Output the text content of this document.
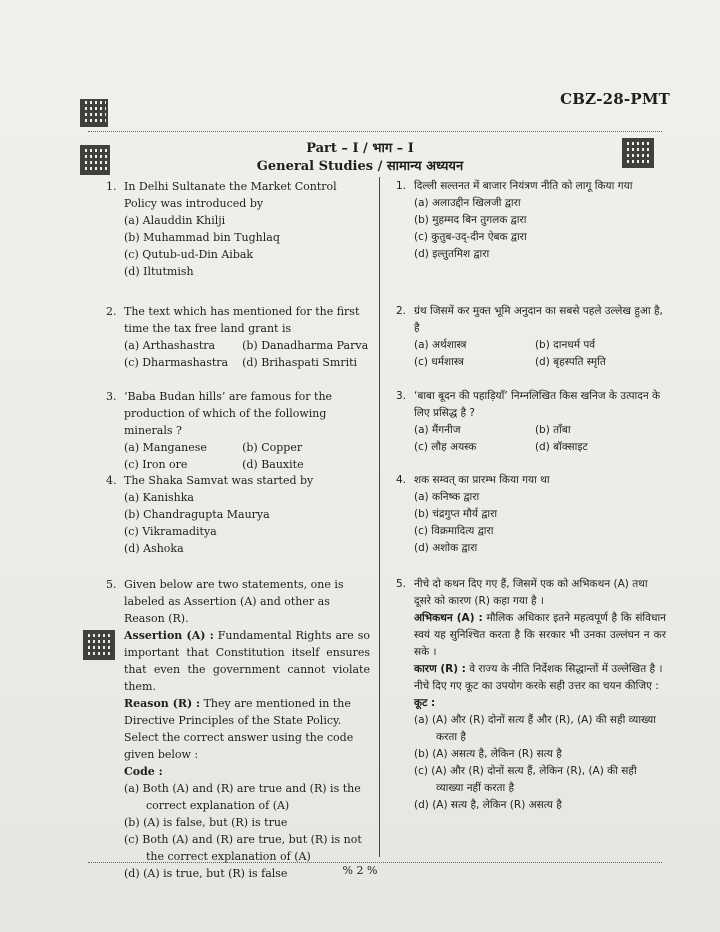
CBZ-28-PMT
Part – I / भाग – I
General Studies / सामान्य अध्ययन
1. In Delhi Sultanate the Market Control Policy was introduced by
(a) Alauddin Khilji
(b) Muhammad bin Tughlaq
(c) Qutub-ud-Din Aibak
(d) Iltutmish
2. The text which has mentioned for the first time the tax free land grant is
(a) Arthashastra	(b) Danadharma Parva
(c) Dharmashastra	(d) Brihaspati Smriti
3. ‘Baba Budan hills’ are famous for the production of which of the following minerals ?
(a) Manganese	(b) Copper
(c) Iron ore	(d) Bauxite
4. The Shaka Samvat was started by
(a) Kanishka
(b) Chandragupta Maurya
(c) Vikramaditya
(d) Ashoka
5. Given below are two statements, one is labeled as Assertion (A) and other as Reason (R).
Assertion (A) : Fundamental Rights are so important that Constitution itself ensures that even the government cannot violate them.
Reason (R) : They are mentioned in the Directive Principles of the State Policy.
Select the correct answer using the code given below :
Code :
(a) Both (A) and (R) are true and (R) is the correct explanation of (A)
(b) (A) is false, but (R) is true
(c) Both (A) and (R) are true, but (R) is not the correct explanation of (A)
(d) (A) is true, but (R) is false
1. दिल्ली सल्तनत में बाजार नियंत्रण नीति को लागू किया गया
(a) अलाउद्दीन खिलजी द्वारा
(b) मुहम्मद बिन तुगलक द्वारा
(c) कुतुब-उद्-दीन ऐबक द्वारा
(d) इल्तुतमिश द्वारा
2. ग्रंथ जिसमें कर मुक्त भूमि अनुदान का सबसे पहले उल्लेख हुआ है, है
(a) अर्थशास्त्र	(b) दानधर्म पर्व
(c) धर्मशास्त्र	(d) बृहस्पति स्मृति
3. ‘बाबा बूदन की पहाड़ियाँ’ निम्नलिखित किस खनिज के उत्पादन के लिए प्रसिद्ध है ?
(a) मैंगनीज	(b) ताँबा
(c) लौह अयस्क	(d) बॉक्साइट
4. शक सम्वत् का प्रारम्भ किया गया था
(a) कनिष्क द्वारा
(b) चंद्रगुप्त मौर्य द्वारा
(c) विक्रमादित्य द्वारा
(d) अशोक द्वारा
5. नीचे दो कथन दिए गए हैं, जिसमें एक को अभिकथन (A) तथा दूसरे को कारण (R) कहा गया है ।
अभिकथन (A) : मौलिक अधिकार इतने महत्वपूर्ण है कि संविधान स्वयं यह सुनिश्चित करता है कि सरकार भी उनका उल्लंघन न कर सके ।
कारण (R) : वे राज्य के नीति निर्देशक सिद्धान्तों में उल्लेखित है ।
नीचे दिए गए कूट का उपयोग करके सही उत्तर का चयन कीजिए :
कूट :
(a) (A) और (R) दोनों सत्य हैं और (R), (A) की सही व्याख्या करता है
(b) (A) असत्य है, लेकिन (R) सत्य है
(c) (A) और (R) दोनों सत्य हैं, लेकिन (R), (A) की सही व्याख्या नहीं करता है
(d) (A) सत्य है, लेकिन (R) असत्य है
% 2 %
